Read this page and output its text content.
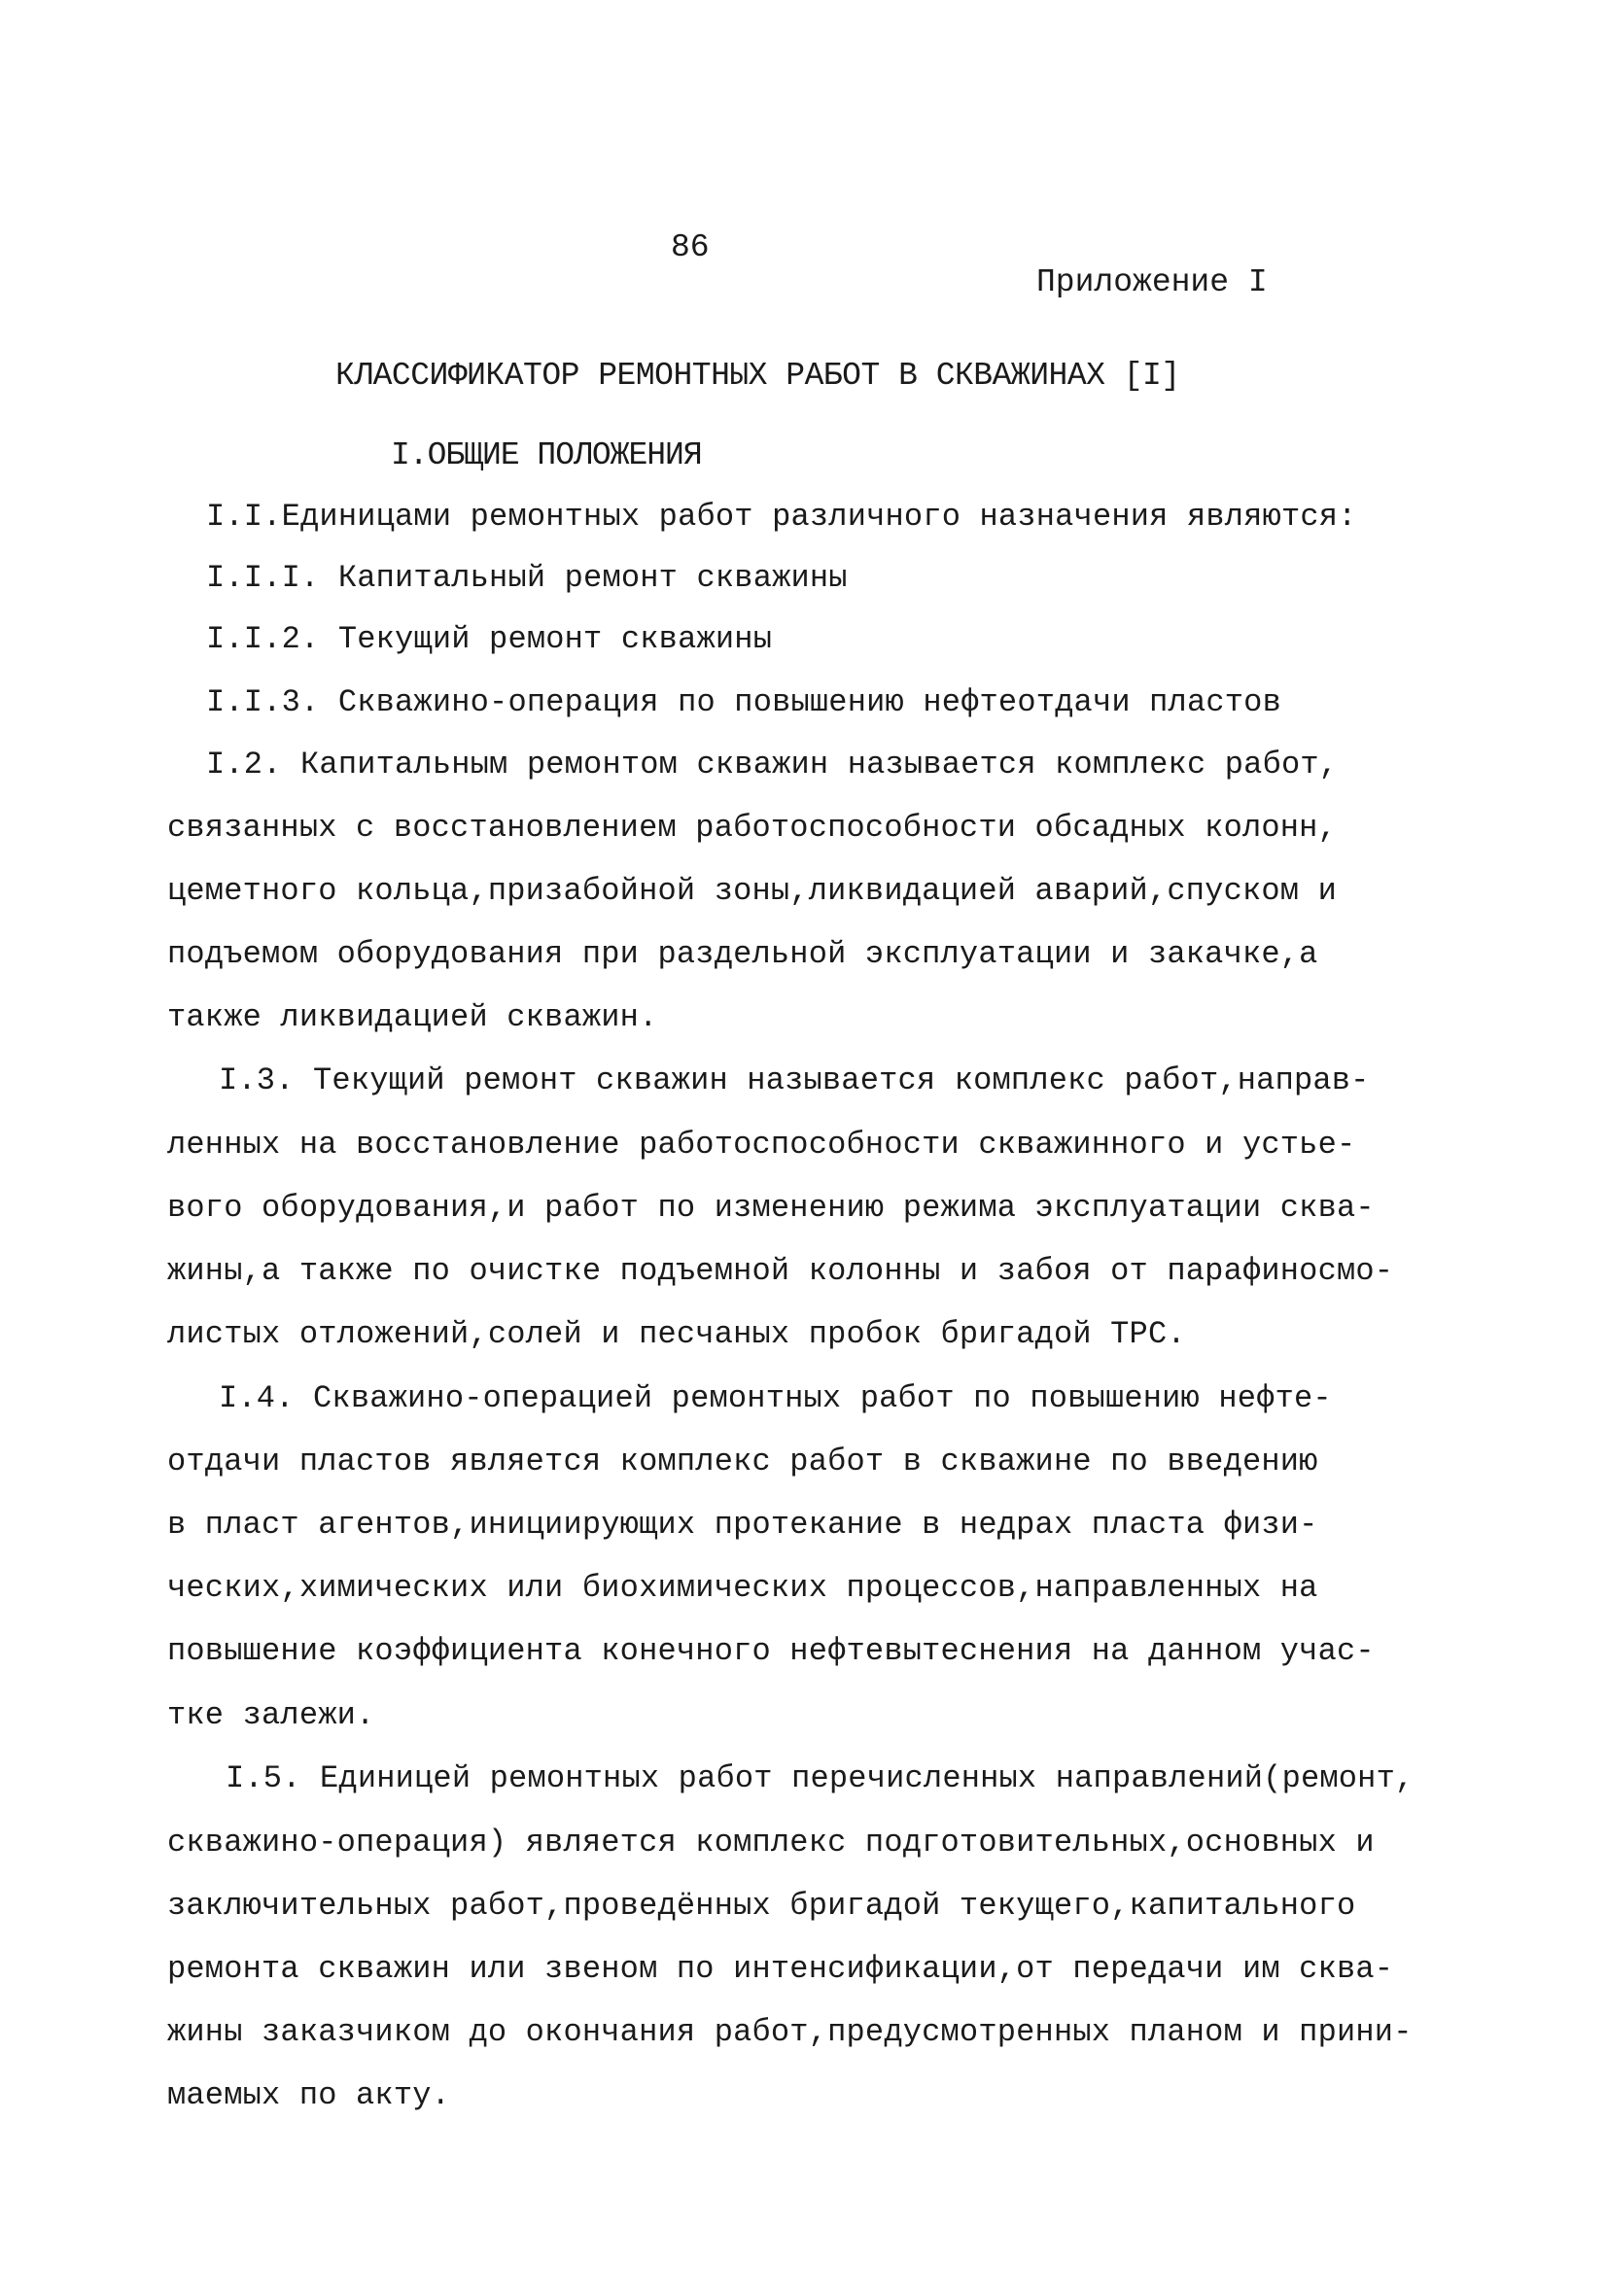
86
Приложение I
КЛАССИФИКАТОР РЕМОНТНЫХ РАБОТ В СКВАЖИНАХ [I]
I.ОБЩИЕ ПОЛОЖЕНИЯ
I.I.Единицами ремонтных работ различного назначения являются:
I.I.I. Капитальный ремонт скважины
I.I.2. Текущий ремонт скважины
I.I.3. Скважино-операция по повышению нефтеотдачи пластов
I.2. Капитальным ремонтом скважин называется комплекс работ,
связанных с восстановлением работоспособности обсадных колонн,
цеметного кольца,призабойной зоны,ликвидацией аварий,спуском и
подъемом оборудования при раздельной эксплуатации и закачке,а
также ликвидацией скважин.
I.3. Текущий ремонт скважин называется комплекс работ,направ-
ленных на восстановление работоспособности скважинного и устье-
вого оборудования,и работ по изменению режима эксплуатации сква-
жины,а также по очистке подъемной колонны и забоя от парафиносмо-
листых отложений,солей и песчаных пробок бригадой ТРС.
I.4. Скважино-операцией ремонтных работ по повышению нефте-
отдачи пластов является комплекс работ в скважине по введению
в пласт агентов,инициирующих протекание в недрах пласта физи-
ческих,химических или биохимических процессов,направленных на
повышение коэффициента конечного нефтевытеснения на данном учас-
тке залежи.
I.5. Единицей ремонтных работ перечисленных направлений(ремонт,
скважино-операция) является комплекс подготовительных,основных и
заключительных работ,проведённых бригадой текущего,капитального
ремонта скважин или звеном по интенсификации,от передачи им сква-
жины заказчиком до окончания работ,предусмотренных планом и прини-
маемых по акту.
